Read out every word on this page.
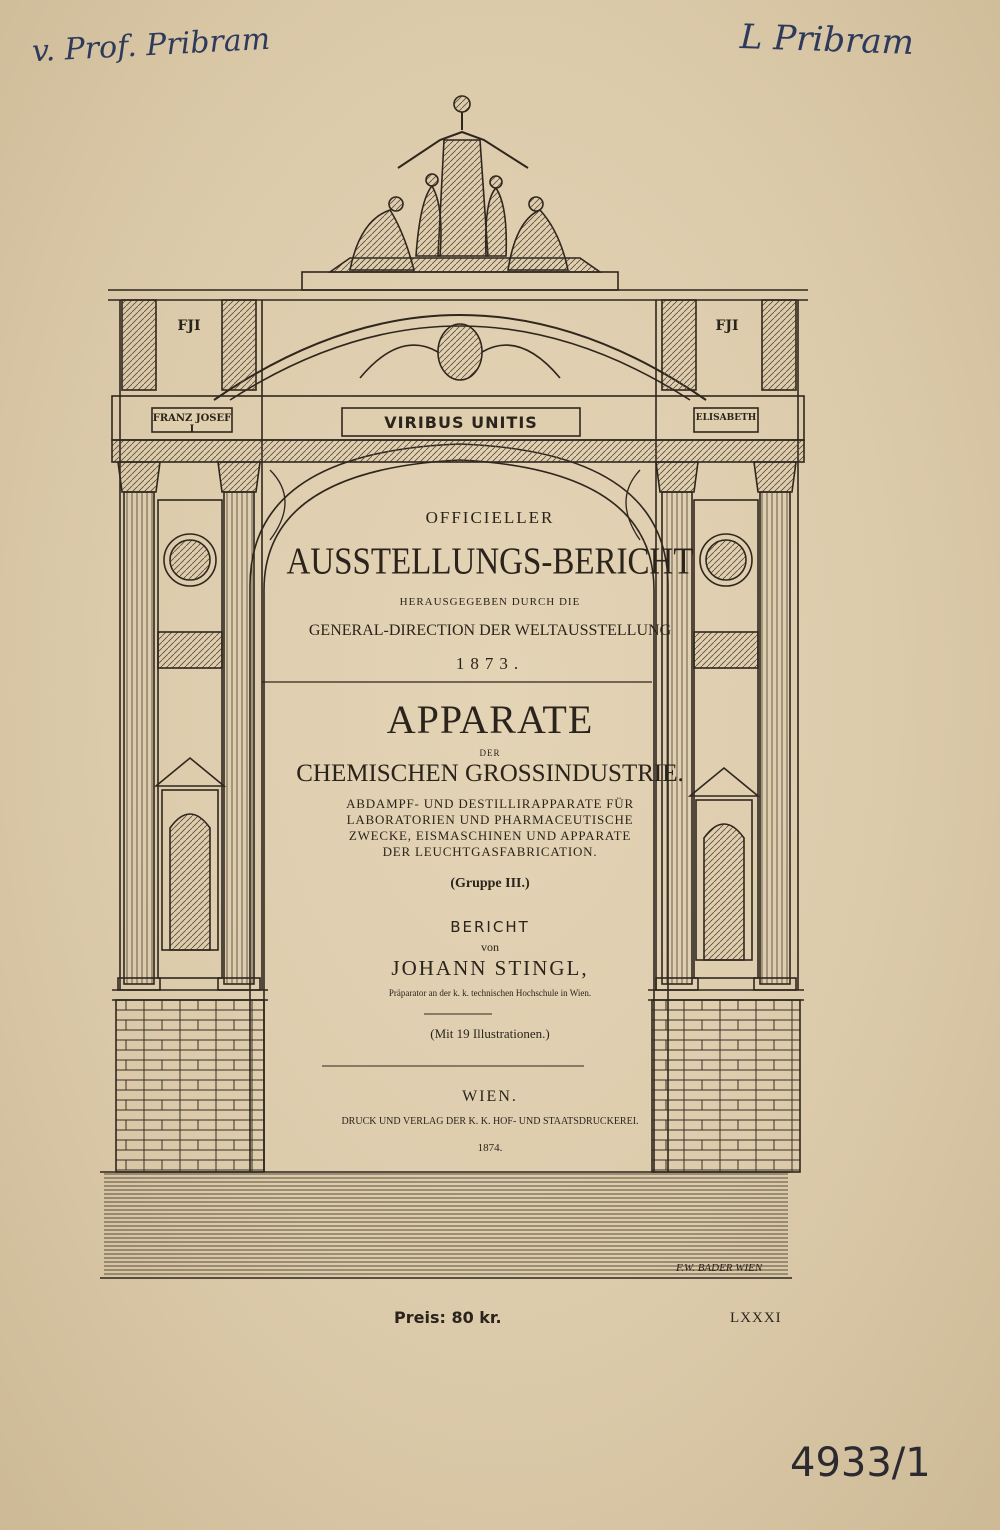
VIRIBUS UNITIS
FRANZ JOSEF I
ELISABETH
FJI	FJI
F.W. BADER WIEN
OFFICIELLER
AUSSTELLUNGS-BERICHT
HERAUSGEGEBEN DURCH DIE
GENERAL-DIRECTION DER WELTAUSSTELLUNG
1873.
APPARATE
DER
CHEMISCHEN GROSSINDUSTRIE.
ABDAMPF- UND DESTILLIRAPPARATE FÜR
LABORATORIEN UND PHARMACEUTISCHE
ZWECKE, EISMASCHINEN UND APPARATE
DER LEUCHTGASFABRICATION.
(Gruppe III.)
BERICHT
von
JOHANN STINGL,
Präparator an der k. k. technischen Hochschule in Wien.
(Mit 19 Illustrationen.)
WIEN.
DRUCK UND VERLAG DER K. K. HOF- UND STAATSDRUCKEREI.
1874.
Preis: 80 kr.	LXXXI
v. Prof. Pribram	L Pribram
4933/1
